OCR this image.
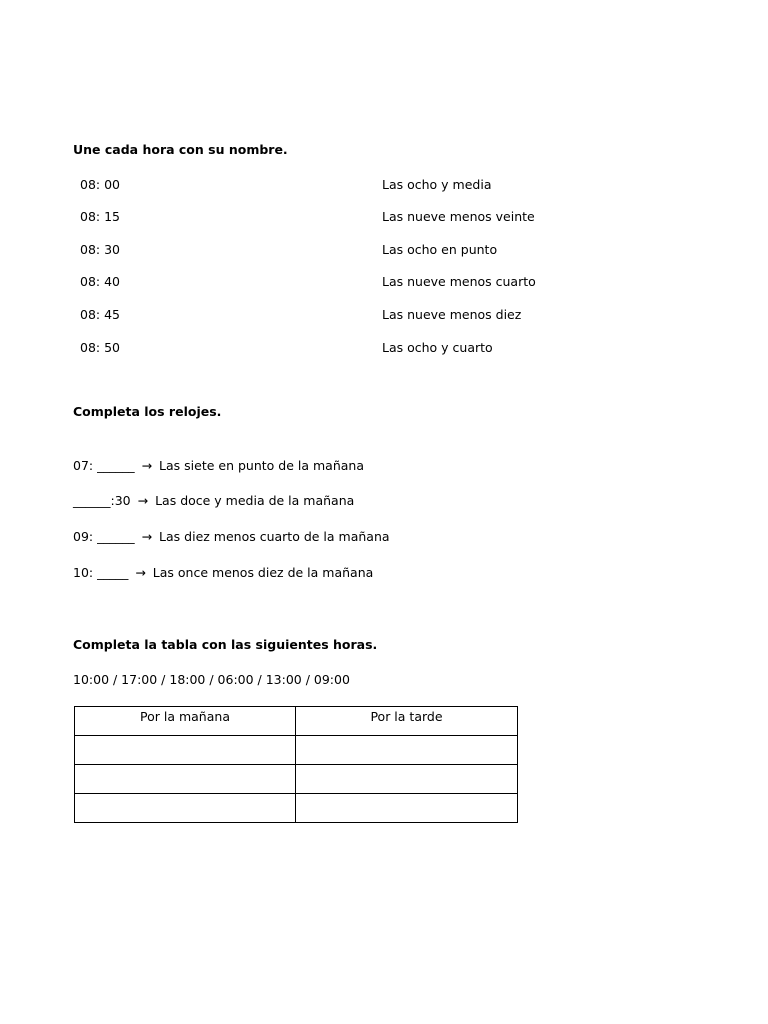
Une cada hora con su nombre.
08: 00	Las ocho y media
08: 15	Las nueve menos veinte
08: 30	Las ocho en punto
08: 40	Las nueve menos cuarto
08: 45	Las nueve menos diez
08: 50	Las ocho y cuarto
Completa los relojes.
07: ______ → Las siete en punto de la mañana
______:30 → Las doce y media de la mañana
09: ______ → Las diez menos cuarto de la mañana
10: _____ → Las once menos diez de la mañana
Completa la tabla con las siguientes horas.
10:00 / 17:00 / 18:00 / 06:00 / 13:00 / 09:00
Por la mañana	Por la tarde
